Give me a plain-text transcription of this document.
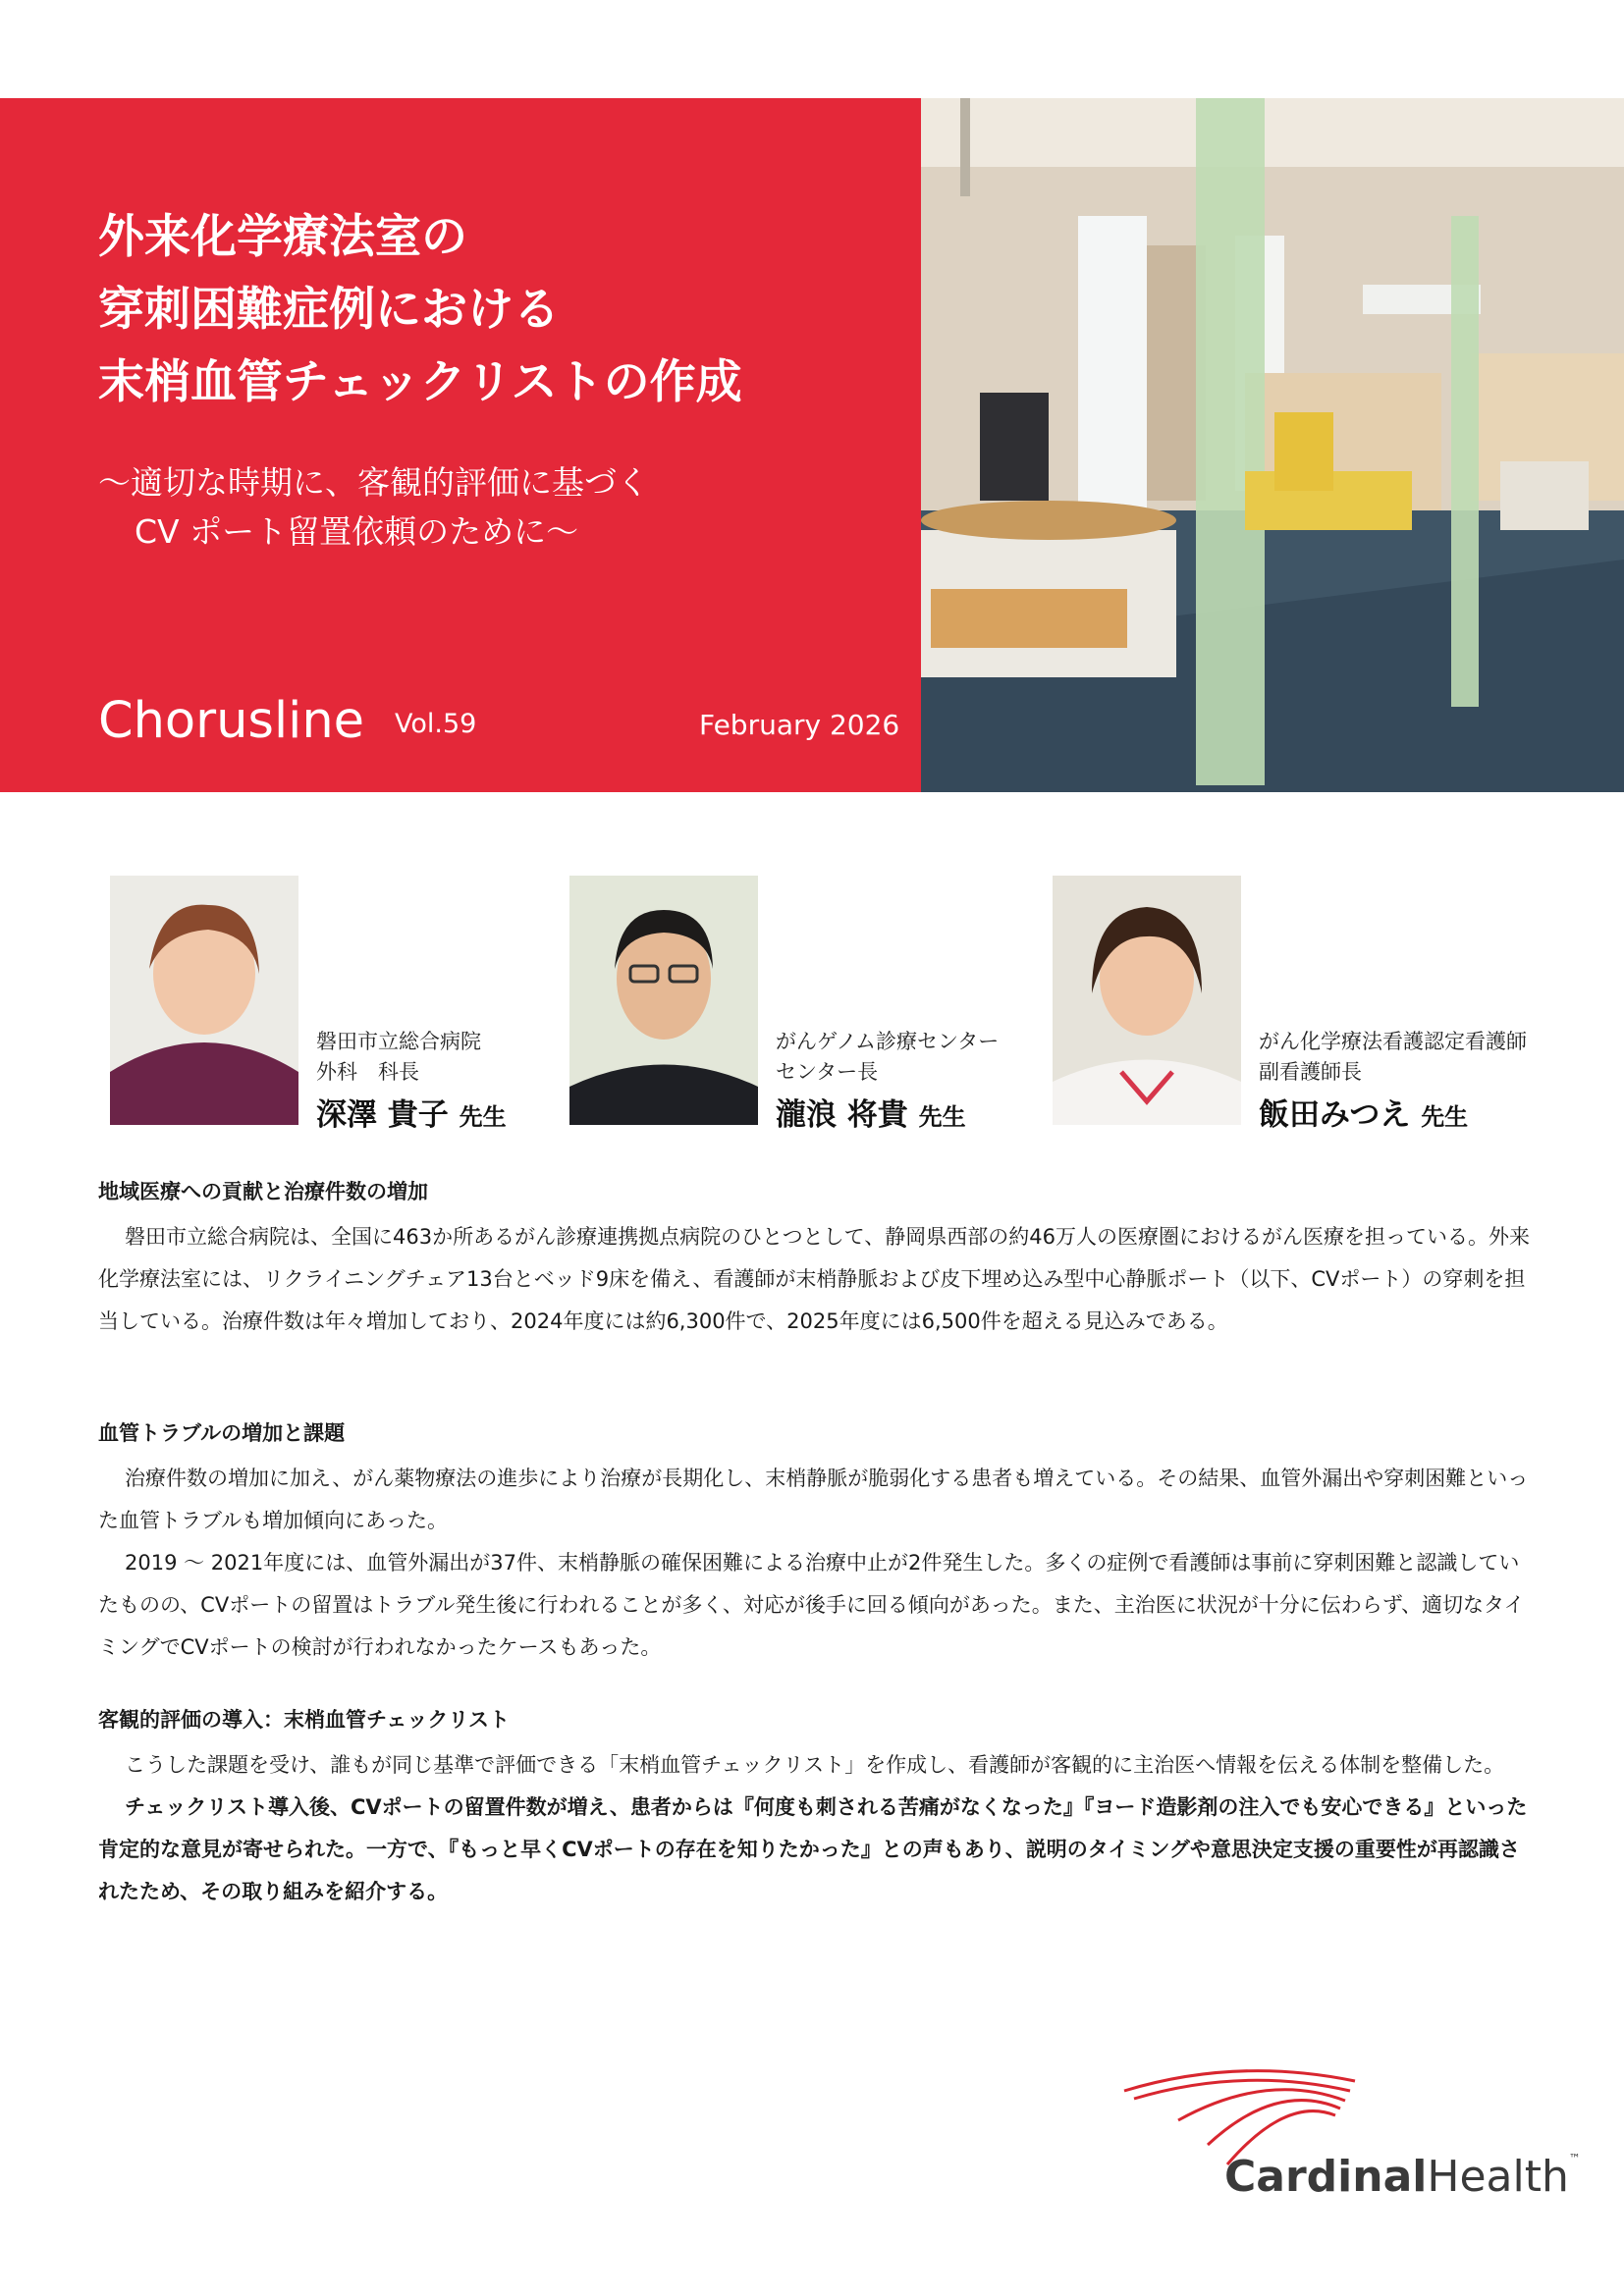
外来化学療法室の
穿刺困難症例における
末梢血管チェックリストの作成

～適切な時期に、客観的評価に基づく
CV ポート留置依頼のために～

Chorusline Vol.59	February 2026
磐田市立総合病院
外科　科長
深澤 貴子 先生
がんゲノム診療センター
センター長
瀧浪 将貴 先生
がん化学療法看護認定看護師
副看護師長
飯田みつえ 先生
地域医療への貢献と治療件数の増加

磐田市立総合病院は、全国に463か所あるがん診療連携拠点病院のひとつとして、静岡県西部の約46万人の医療圏におけるがん医療を担っている。外来化学療法室には、リクライニングチェア13台とベッド9床を備え、看護師が末梢静脈および皮下埋め込み型中心静脈ポート（以下、CVポート）の穿刺を担当している。治療件数は年々増加しており、2024年度には約6,300件で、2025年度には6,500件を超える見込みである。

血管トラブルの増加と課題

治療件数の増加に加え、がん薬物療法の進歩により治療が長期化し、末梢静脈が脆弱化する患者も増えている。その結果、血管外漏出や穿刺困難といった血管トラブルも増加傾向にあった。

2019 ～ 2021年度には、血管外漏出が37件、末梢静脈の確保困難による治療中止が2件発生した。多くの症例で看護師は事前に穿刺困難と認識していたものの、CVポートの留置はトラブル発生後に行われることが多く、対応が後手に回る傾向があった。また、主治医に状況が十分に伝わらず、適切なタイミングでCVポートの検討が行われなかったケースもあった。

客観的評価の導入：末梢血管チェックリスト

こうした課題を受け、誰もが同じ基準で評価できる「末梢血管チェックリスト」を作成し、看護師が客観的に主治医へ情報を伝える体制を整備した。

チェックリスト導入後、CVポートの留置件数が増え、患者からは『何度も刺される苦痛がなくなった』『ヨード造影剤の注入でも安心できる』といった肯定的な意見が寄せられた。一方で、『もっと早くCVポートの存在を知りたかった』との声もあり、説明のタイミングや意思決定支援の重要性が再認識されたため、その取り組みを紹介する。

CardinalHealth™
